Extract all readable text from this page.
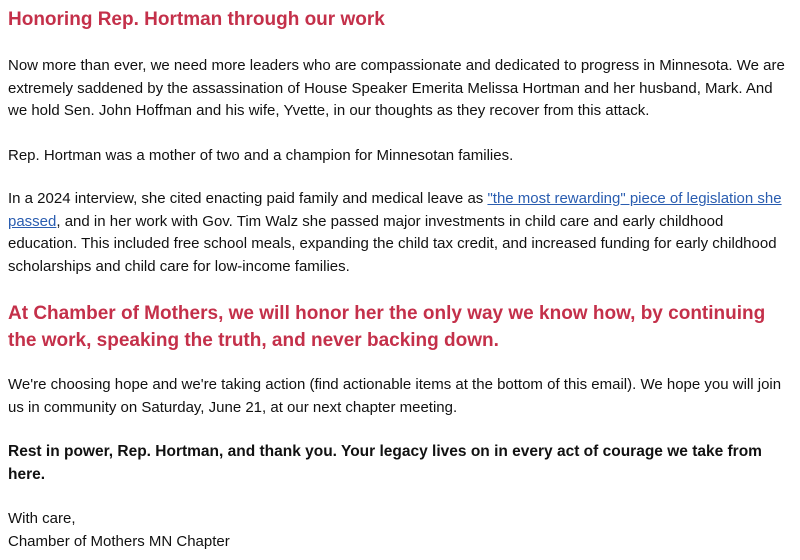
Honoring Rep. Hortman through our work

Now more than ever, we need more leaders who are compassionate and dedicated to progress in Minnesota. We are extremely saddened by the assassination of House Speaker Emerita Melissa Hortman and her husband, Mark. And we hold Sen. John Hoffman and his wife, Yvette, in our thoughts as they recover from this attack.

Rep. Hortman was a mother of two and a champion for Minnesotan families.

In a 2024 interview, she cited enacting paid family and medical leave as "the most rewarding" piece of legislation she passed, and in her work with Gov. Tim Walz she passed major investments in child care and early childhood education. This included free school meals, expanding the child tax credit, and increased funding for early childhood scholarships and child care for low-income families.

At Chamber of Mothers, we will honor her the only way we know how, by continuing the work, speaking the truth, and never backing down.

We're choosing hope and we're taking action (find actionable items at the bottom of this email). We hope you will join us in community on Saturday, June 21, at our next chapter meeting.

Rest in power, Rep. Hortman, and thank you. Your legacy lives on in every act of courage we take from here.

With care,
Chamber of Mothers MN Chapter
